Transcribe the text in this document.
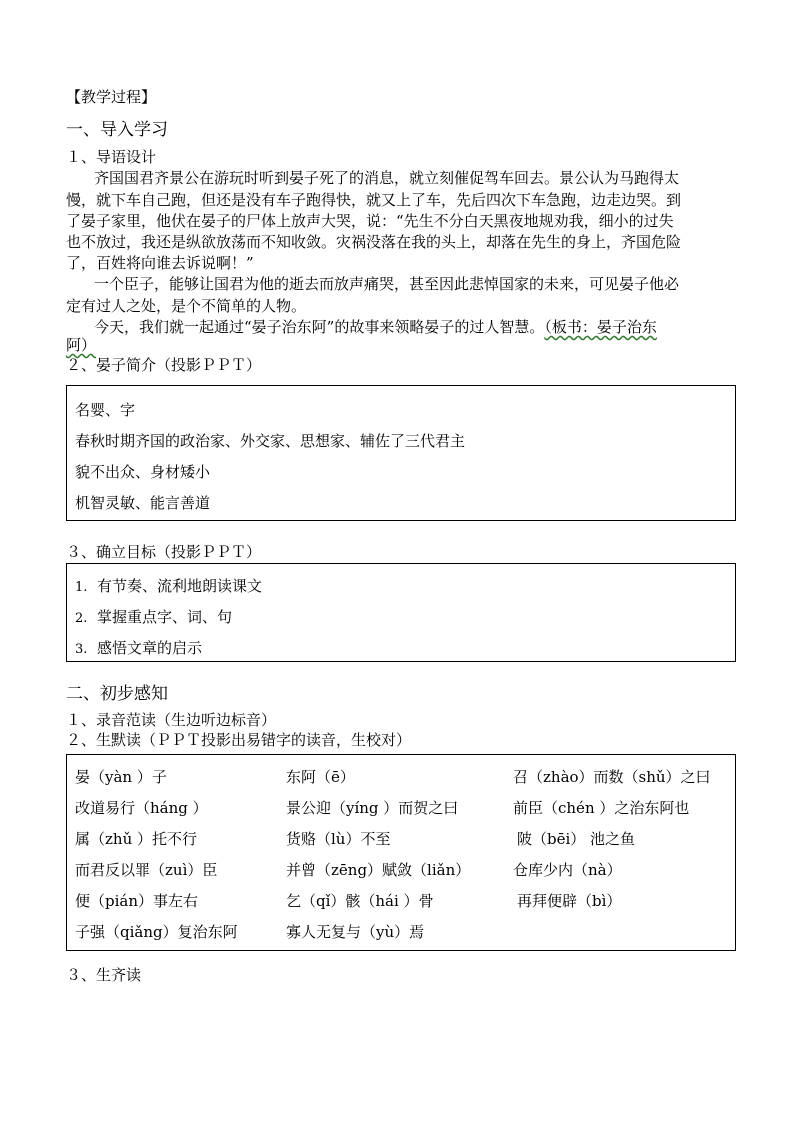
【教学过程】
一、导入学习
１、导语设计
齐国国君齐景公在游玩时听到晏子死了的消息，就立刻催促驾车回去。景公认为马跑得太
慢，就下车自己跑，但还是没有车子跑得快，就又上了车，先后四次下车急跑，边走边哭。到
了晏子家里，他伏在晏子的尸体上放声大哭，说：“先生不分白天黑夜地规劝我，细小的过失
也不放过，我还是纵欲放荡而不知收敛。灾祸没落在我的头上，却落在先生的身上，齐国危险
了，百姓将向谁去诉说啊！”
一个臣子，能够让国君为他的逝去而放声痛哭，甚至因此悲悼国家的未来，可见晏子他必
定有过人之处，是个不简单的人物。
今天，我们就一起通过“晏子治东阿”的故事来领略晏子的过人智慧。（板书：晏子治东
阿）
２、晏子简介（投影ＰＰＴ）
名婴、字
春秋时期齐国的政治家、外交家、思想家、辅佐了三代君主
貌不出众、身材矮小
机智灵敏、能言善道
３、确立目标（投影ＰＰＴ）
1. 有节奏、流利地朗读课文
2. 掌握重点字、词、句
3. 感悟文章的启示
二、初步感知
１、录音范读（生边听边标音）
２、生默读（ＰＰＴ投影出易错字的读音，生校对）
晏（yàn ）子	东阿（ē）	召（zhào）而数（shǔ）之曰
改道易行（háng ）	景公迎（yíng ）而贺之曰	前臣（chén ）之治东阿也
属（zhǔ ）托不行	货赂（lù）不至	陂（bēi） 池之鱼
而君反以罪（zuì）臣	并曾（zēng）赋敛（liǎn）	仓库少内（nà）
便（pián）事左右	乞（qǐ）骸（hái ）骨	再拜便辟（bì）
子强（qiǎng）复治东阿	寡人无复与（yù）焉
３、生齐读
